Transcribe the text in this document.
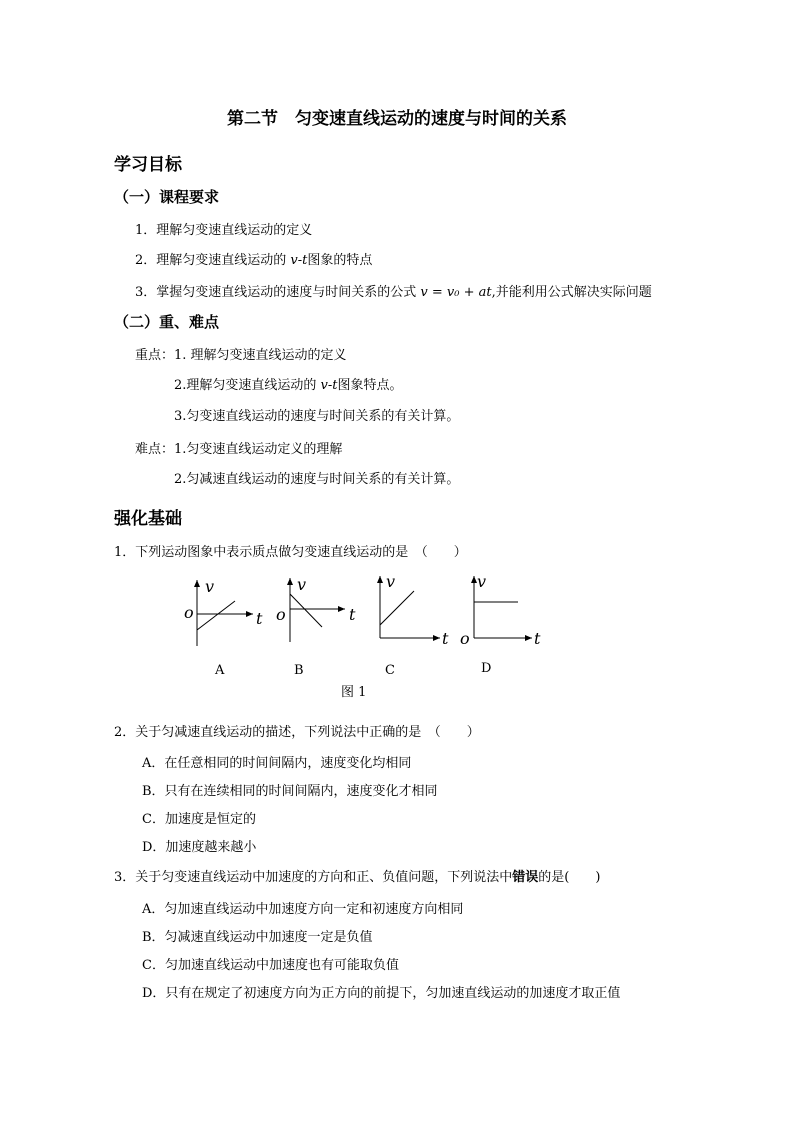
第二节　匀变速直线运动的速度与时间的关系
学习目标
（一）课程要求
1．理解匀变速直线运动的定义
2．理解匀变速直线运动的 v-t图象的特点
3．掌握匀变速直线运动的速度与时间关系的公式 v = v₀ + at,并能利用公式解决实际问题
（二）重、难点
重点：1. 理解匀变速直线运动的定义
2.理解匀变速直线运动的 v-t图象特点。
3.匀变速直线运动的速度与时间关系的有关计算。
难点：1.匀变速直线运动定义的理解
2.匀减速直线运动的速度与时间关系的有关计算。
强化基础
1．下列运动图象中表示质点做匀变速直线运动的是　（　　）
v
o	t
v
o	t
v
t
v
o	t
A	B	C	D
图 1
2．关于匀减速直线运动的描述，下列说法中正确的是　（　　）
A．在任意相同的时间间隔内，速度变化均相同
B．只有在连续相同的时间间隔内，速度变化才相同
C．加速度是恒定的
D．加速度越来越小
3．关于匀变速直线运动中加速度的方向和正、负值问题，下列说法中错误的是(　　)
A．匀加速直线运动中加速度方向一定和初速度方向相同
B．匀减速直线运动中加速度一定是负值
C．匀加速直线运动中加速度也有可能取负值
D．只有在规定了初速度方向为正方向的前提下，匀加速直线运动的加速度才取正值
